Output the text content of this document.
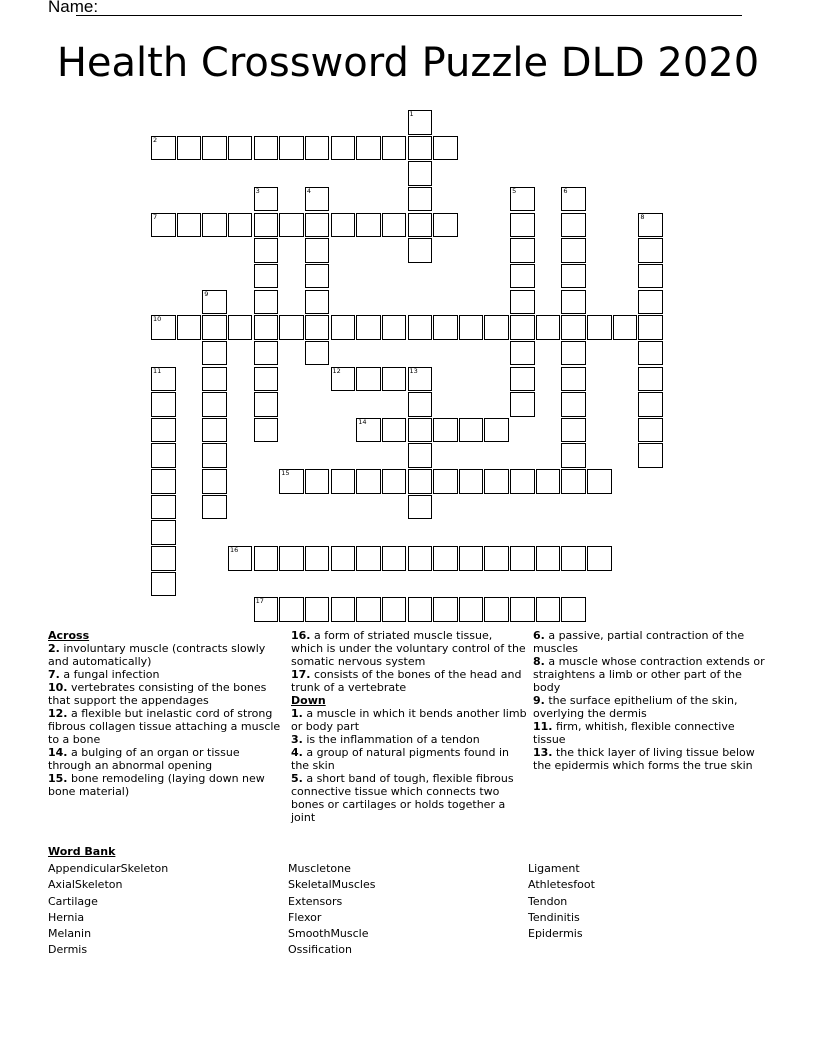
Name:
Health Crossword Puzzle DLD 2020
1
2
3	4	5	6
7	8
9
10
11	12	13
14
15
16
17
Across
2. involuntary muscle (contracts slowly and automatically)
7. a fungal infection
10. vertebrates consisting of the bones that support the appendages
12. a flexible but inelastic cord of strong fibrous collagen tissue attaching a muscle to a bone
14. a bulging of an organ or tissue through an abnormal opening
15. bone remodeling (laying down new bone material)
16. a form of striated muscle tissue, which is under the voluntary control of the somatic nervous system
17. consists of the bones of the head and trunk of a vertebrate
Down
1. a muscle in which it bends another limb or body part
3. is the inflammation of a tendon
4. a group of natural pigments found in the skin
5. a short band of tough, flexible fibrous connective tissue which connects two bones or cartilages or holds together a joint
6. a passive, partial contraction of the muscles
8. a muscle whose contraction extends or straightens a limb or other part of the body
9. the surface epithelium of the skin, overlying the dermis
11. firm, whitish, flexible connective tissue
13. the thick layer of living tissue below the epidermis which forms the true skin
Word Bank
AppendicularSkeleton
AxialSkeleton
Cartilage
Hernia
Melanin
Dermis
Muscletone
SkeletalMuscles
Extensors
Flexor
SmoothMuscle
Ossification
Ligament
Athletesfoot
Tendon
Tendinitis
Epidermis
